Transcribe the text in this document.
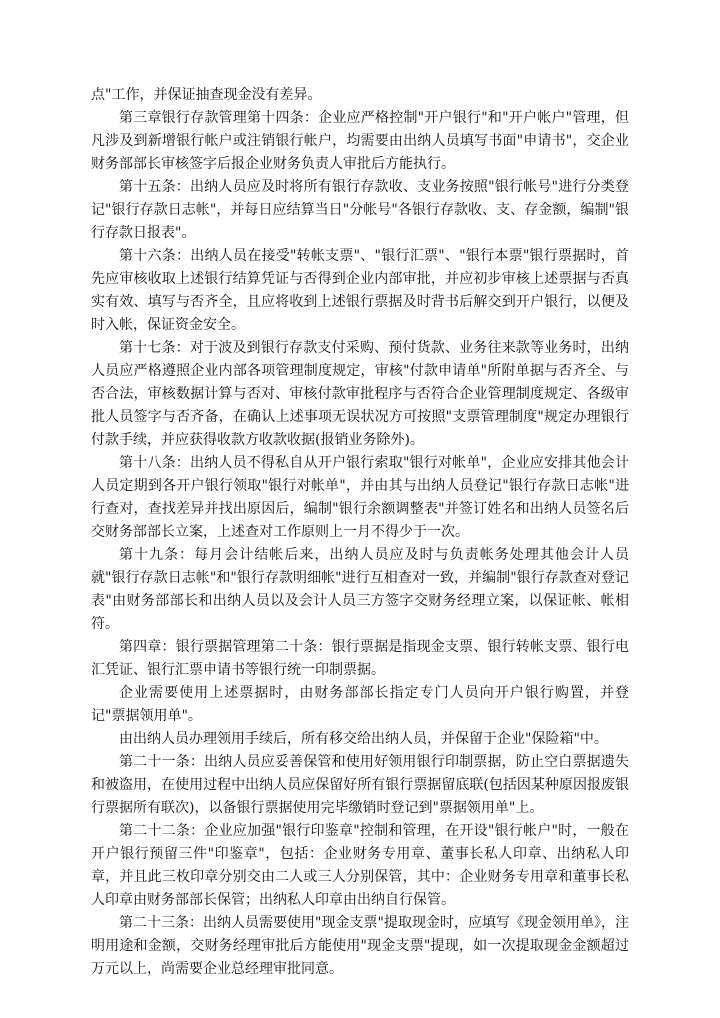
点"工作，并保证抽查现金没有差异。

第三章银行存款管理第十四条：企业应严格控制"开户银行"和"开户帐户"管理，但凡涉及到新增银行帐户或注销银行帐户，均需要由出纳人员填写书面"申请书"，交企业财务部部长审核签字后报企业财务负责人审批后方能执行。

第十五条：出纳人员应及时将所有银行存款收、支业务按照"银行帐号"进行分类登记"银行存款日志帐"，并每日应结算当日"分帐号"各银行存款收、支、存金额，编制"银行存款日报表"。

第十六条：出纳人员在接受"转帐支票"、"银行汇票"、"银行本票"银行票据时，首先应审核收取上述银行结算凭证与否得到企业内部审批，并应初步审核上述票据与否真实有效、填写与否齐全，且应将收到上述银行票据及时背书后解交到开户银行，以便及时入帐，保证资金安全。

第十七条：对于波及到银行存款支付采购、预付货款、业务往来款等业务时，出纳人员应严格遵照企业内部各项管理制度规定，审核"付款申请单"所附单据与否齐全、与否合法，审核数据计算与否对、审核付款审批程序与否符合企业管理制度规定、各级审批人员签字与否齐备，在确认上述事项无误状况方可按照"支票管理制度"规定办理银行付款手续，并应获得收款方收款收据(报销业务除外)。

第十八条：出纳人员不得私自从开户银行索取"银行对帐单"，企业应安排其他会计人员定期到各开户银行领取"银行对帐单"，并由其与出纳人员登记"银行存款日志帐"进行查对，查找差异并找出原因后，编制"银行余额调整表"并签订姓名和出纳人员签名后交财务部部长立案，上述查对工作原则上一月不得少于一次。

第十九条：每月会计结帐后来，出纳人员应及时与负责帐务处理其他会计人员就"银行存款日志帐"和"银行存款明细帐"进行互相查对一致，并编制"银行存款查对登记表"由财务部部长和出纳人员以及会计人员三方签字交财务经理立案，以保证帐、帐相符。

第四章：银行票据管理第二十条：银行票据是指现金支票、银行转帐支票、银行电汇凭证、银行汇票申请书等银行统一印制票据。

企业需要使用上述票据时，由财务部部长指定专门人员向开户银行购置，并登记"票据领用单"。

由出纳人员办理领用手续后，所有移交给出纳人员，并保留于企业"保险箱"中。

第二十一条：出纳人员应妥善保管和使用好领用银行印制票据，防止空白票据遗失和被盗用，在使用过程中出纳人员应保留好所有银行票据留底联(包括因某种原因报废银行票据所有联次)，以备银行票据使用完毕缴销时登记到"票据领用单"上。

第二十二条：企业应加强"银行印鉴章"控制和管理，在开设"银行帐户"时，一般在开户银行预留三件"印鉴章"，包括：企业财务专用章、董事长私人印章、出纳私人印章，并且此三枚印章分别交由二人或三人分别保管，其中：企业财务专用章和董事长私人印章由财务部部长保管；出纳私人印章由出纳自行保管。

第二十三条：出纳人员需要使用"现金支票"提取现金时，应填写《现金领用单》，注明用途和金额，交财务经理审批后方能使用"现金支票"提现，如一次提取现金金额超过万元以上，尚需要企业总经理审批同意。
